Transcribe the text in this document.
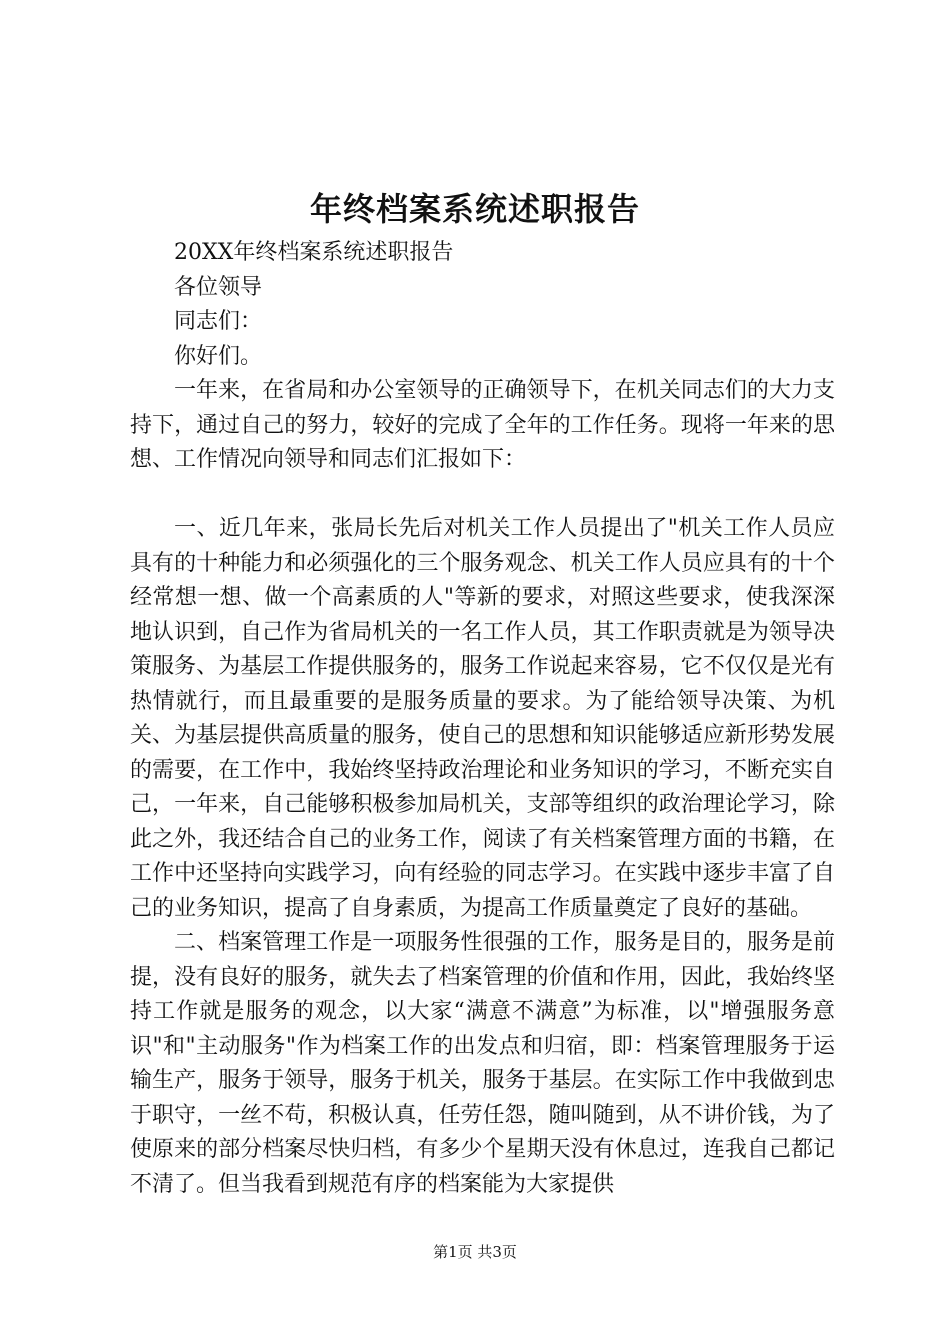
年终档案系统述职报告

20XX年终档案系统述职报告

各位领导

同志们：

你好们。

一年来，在省局和办公室领导的正确领导下，在机关同志们的大力支持下，通过自己的努力，较好的完成了全年的工作任务。现将一年来的思想、工作情况向领导和同志们汇报如下：

一、近几年来，张局长先后对机关工作人员提出了"机关工作人员应具有的十种能力和必须强化的三个服务观念、机关工作人员应具有的十个经常想一想、做一个高素质的人"等新的要求，对照这些要求，使我深深地认识到，自己作为省局机关的一名工作人员，其工作职责就是为领导决策服务、为基层工作提供服务的，服务工作说起来容易，它不仅仅是光有热情就行，而且最重要的是服务质量的要求。为了能给领导决策、为机关、为基层提供高质量的服务，使自己的思想和知识能够适应新形势发展的需要，在工作中，我始终坚持政治理论和业务知识的学习，不断充实自己，一年来，自己能够积极参加局机关，支部等组织的政治理论学习，除此之外，我还结合自己的业务工作，阅读了有关档案管理方面的书籍，在工作中还坚持向实践学习，向有经验的同志学习。在实践中逐步丰富了自己的业务知识，提高了自身素质，为提高工作质量奠定了良好的基础。

二、档案管理工作是一项服务性很强的工作，服务是目的，服务是前提，没有良好的服务，就失去了档案管理的价值和作用，因此，我始终坚持工作就是服务的观念，以大家“满意不满意”为标准，以"增强服务意识"和"主动服务"作为档案工作的出发点和归宿，即：档案管理服务于运输生产，服务于领导，服务于机关，服务于基层。在实际工作中我做到忠于职守，一丝不苟，积极认真，任劳任怨，随叫随到，从不讲价钱，为了使原来的部分档案尽快归档，有多少个星期天没有休息过，连我自己都记不清了。但当我看到规范有序的档案能为大家提供

第1页 共3页
